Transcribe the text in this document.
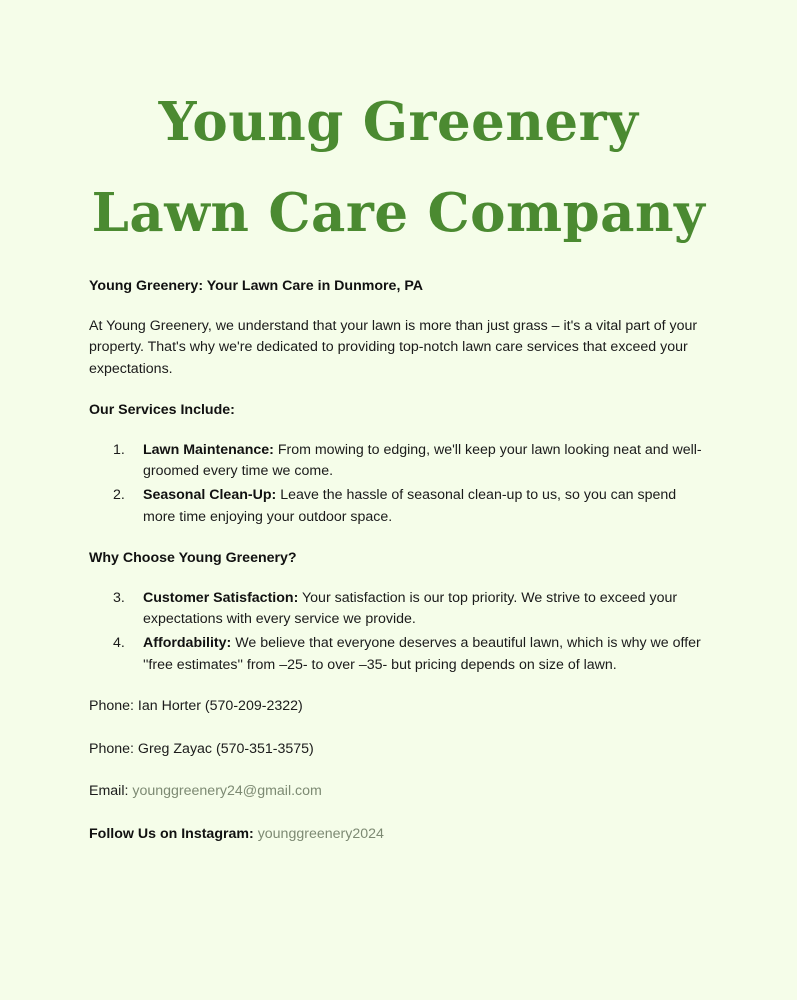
Young Greenery
Lawn Care Company

Young Greenery: Your Lawn Care in Dunmore, PA

At Young Greenery, we understand that your lawn is more than just grass – it's a vital part of your property. That's why we're dedicated to providing top-notch lawn care services that exceed your expectations.

Our Services Include:

1.	Lawn Maintenance: From mowing to edging, we'll keep your lawn looking neat and well-groomed every time we come.
2.	Seasonal Clean-Up: Leave the hassle of seasonal clean-up to us, so you can spend more time enjoying your outdoor space.

Why Choose Young Greenery?

3.	Customer Satisfaction: Your satisfaction is our top priority. We strive to exceed your expectations with every service we provide.
4.	Affordability: We believe that everyone deserves a beautiful lawn, which is why we offer ''free estimates'' from –25- to over –35- but pricing depends on size of lawn.

Phone: Ian Horter (570-209-2322)

Phone: Greg Zayac (570-351-3575)

Email: younggreenery24@gmail.com

Follow Us on Instagram: younggreenery2024
